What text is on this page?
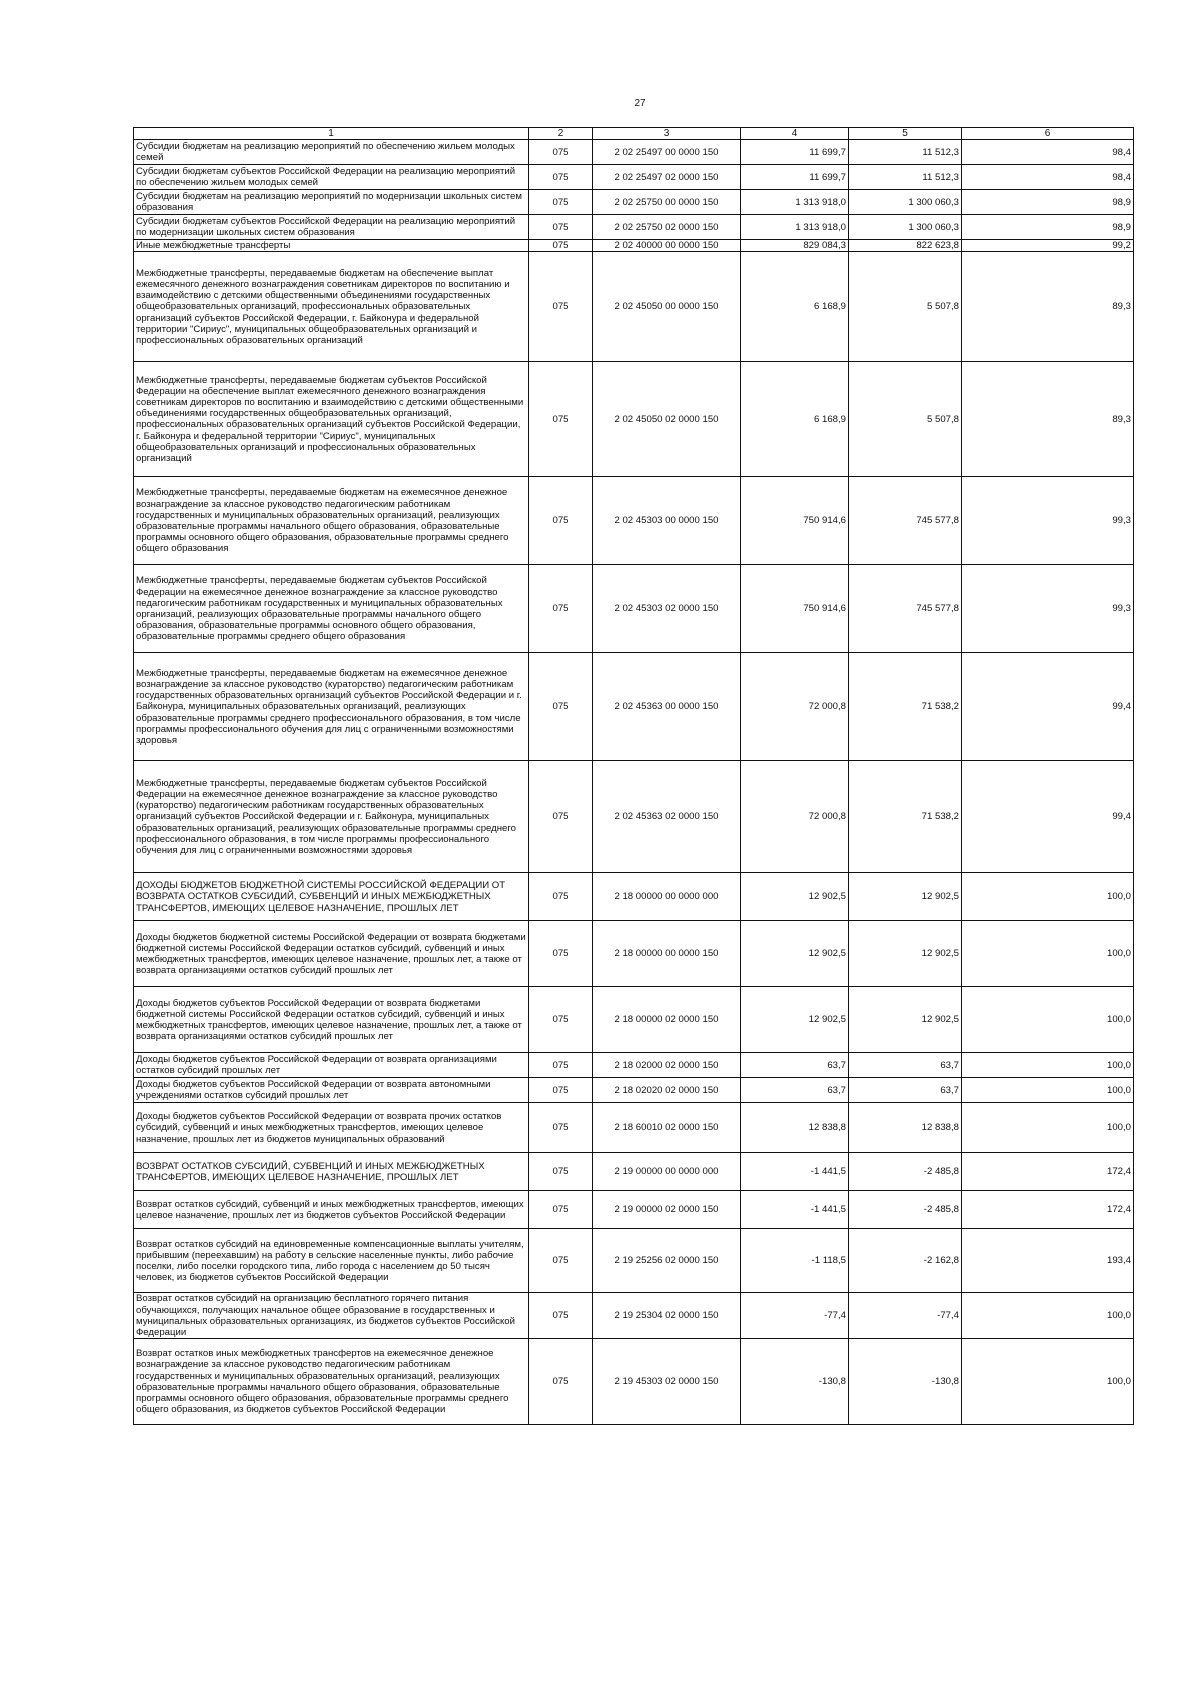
27
1	2	3	4	5	6
Субсидии бюджетам на реализацию мероприятий по обеспечению жильем молодых семей	075	2 02 25497 00 0000 150	11 699,7	11 512,3	98,4
Субсидии бюджетам субъектов Российской Федерации на реализацию мероприятий по обеспечению жильем молодых семей	075	2 02 25497 02 0000 150	11 699,7	11 512,3	98,4
Субсидии бюджетам на реализацию мероприятий по модернизации школьных систем образования	075	2 02 25750 00 0000 150	1 313 918,0	1 300 060,3	98,9
Субсидии бюджетам субъектов Российской Федерации на реализацию мероприятий по модернизации школьных систем образования	075	2 02 25750 02 0000 150	1 313 918,0	1 300 060,3	98,9
Иные межбюджетные трансферты	075	2 02 40000 00 0000 150	829 084,3	822 623,8	99,2
Межбюджетные трансферты, передаваемые бюджетам на обеспечение выплат ежемесячного денежного вознаграждения советникам директоров по воспитанию и взаимодействию с детскими общественными объединениями государственных общеобразовательных организаций, профессиональных образовательных организаций субъектов Российской Федерации, г. Байконура и федеральной территории "Сириус", муниципальных общеобразовательных организаций и профессиональных образовательных организаций	075	2 02 45050 00 0000 150	6 168,9	5 507,8	89,3
Межбюджетные трансферты, передаваемые бюджетам субъектов Российской Федерации на обеспечение выплат ежемесячного денежного вознаграждения советникам директоров по воспитанию и взаимодействию с детскими общественными объединениями государственных общеобразовательных организаций, профессиональных образовательных организаций субъектов Российской Федерации, г. Байконура и федеральной территории "Сириус", муниципальных общеобразовательных организаций и профессиональных образовательных организаций	075	2 02 45050 02 0000 150	6 168,9	5 507,8	89,3
Межбюджетные трансферты, передаваемые бюджетам на ежемесячное денежное вознаграждение за классное руководство педагогическим работникам государственных и муниципальных образовательных организаций, реализующих образовательные программы начального общего образования, образовательные программы основного общего образования, образовательные программы среднего общего образования	075	2 02 45303 00 0000 150	750 914,6	745 577,8	99,3
Межбюджетные трансферты, передаваемые бюджетам субъектов Российской Федерации на ежемесячное денежное вознаграждение за классное руководство педагогическим работникам государственных и муниципальных образовательных организаций, реализующих образовательные программы начального общего образования, образовательные программы основного общего образования, образовательные программы среднего общего образования	075	2 02 45303 02 0000 150	750 914,6	745 577,8	99,3
Межбюджетные трансферты, передаваемые бюджетам на ежемесячное денежное вознаграждение за классное руководство (кураторство) педагогическим работникам государственных образовательных организаций субъектов Российской Федерации и г. Байконура, муниципальных образовательных организаций, реализующих образовательные программы среднего профессионального образования, в том числе программы профессионального обучения для лиц с ограниченными возможностями здоровья	075	2 02 45363 00 0000 150	72 000,8	71 538,2	99,4
Межбюджетные трансферты, передаваемые бюджетам субъектов Российской Федерации на ежемесячное денежное вознаграждение за классное руководство (кураторство) педагогическим работникам государственных образовательных организаций субъектов Российской Федерации и г. Байконура, муниципальных образовательных организаций, реализующих образовательные программы среднего профессионального образования, в том числе программы профессионального обучения для лиц с ограниченными возможностями здоровья	075	2 02 45363 02 0000 150	72 000,8	71 538,2	99,4
ДОХОДЫ БЮДЖЕТОВ БЮДЖЕТНОЙ СИСТЕМЫ РОССИЙСКОЙ ФЕДЕРАЦИИ ОТ ВОЗВРАТА ОСТАТКОВ СУБСИДИЙ, СУБВЕНЦИЙ И ИНЫХ МЕЖБЮДЖЕТНЫХ ТРАНСФЕРТОВ, ИМЕЮЩИХ ЦЕЛЕВОЕ НАЗНАЧЕНИЕ, ПРОШЛЫХ ЛЕТ	075	2 18 00000 00 0000 000	12 902,5	12 902,5	100,0
Доходы бюджетов бюджетной системы Российской Федерации от возврата бюджетами бюджетной системы Российской Федерации остатков субсидий, субвенций и иных межбюджетных трансфертов, имеющих целевое назначение, прошлых лет, а также от возврата организациями остатков субсидий прошлых лет	075	2 18 00000 00 0000 150	12 902,5	12 902,5	100,0
Доходы бюджетов субъектов Российской Федерации от возврата бюджетами бюджетной системы Российской Федерации остатков субсидий, субвенций и иных межбюджетных трансфертов, имеющих целевое назначение, прошлых лет, а также от возврата организациями остатков субсидий прошлых лет	075	2 18 00000 02 0000 150	12 902,5	12 902,5	100,0
Доходы бюджетов субъектов Российской Федерации от возврата организациями остатков субсидий прошлых лет	075	2 18 02000 02 0000 150	63,7	63,7	100,0
Доходы бюджетов субъектов Российской Федерации от возврата автономными учреждениями остатков субсидий прошлых лет	075	2 18 02020 02 0000 150	63,7	63,7	100,0
Доходы бюджетов субъектов Российской Федерации от возврата прочих остатков субсидий, субвенций и иных межбюджетных трансфертов, имеющих целевое назначение, прошлых лет из бюджетов муниципальных образований	075	2 18 60010 02 0000 150	12 838,8	12 838,8	100,0
ВОЗВРАТ ОСТАТКОВ СУБСИДИЙ, СУБВЕНЦИЙ И ИНЫХ МЕЖБЮДЖЕТНЫХ ТРАНСФЕРТОВ, ИМЕЮЩИХ ЦЕЛЕВОЕ НАЗНАЧЕНИЕ, ПРОШЛЫХ ЛЕТ	075	2 19 00000 00 0000 000	-1 441,5	-2 485,8	172,4
Возврат остатков субсидий, субвенций и иных межбюджетных трансфертов, имеющих целевое назначение, прошлых лет из бюджетов субъектов Российской Федерации	075	2 19 00000 02 0000 150	-1 441,5	-2 485,8	172,4
Возврат остатков субсидий на единовременные компенсационные выплаты учителям, прибывшим (переехавшим) на работу в сельские населенные пункты, либо рабочие поселки, либо поселки городского типа, либо города с населением до 50 тысяч человек, из бюджетов субъектов Российской Федерации	075	2 19 25256 02 0000 150	-1 118,5	-2 162,8	193,4
Возврат остатков субсидий на организацию бесплатного горячего питания обучающихся, получающих начальное общее образование в государственных и муниципальных образовательных организациях, из бюджетов субъектов Российской Федерации	075	2 19 25304 02 0000 150	-77,4	-77,4	100,0
Возврат остатков иных межбюджетных трансфертов на ежемесячное денежное вознаграждение за классное руководство педагогическим работникам государственных и муниципальных образовательных организаций, реализующих образовательные программы начального общего образования, образовательные программы основного общего образования, образовательные программы среднего общего образования, из бюджетов субъектов Российской Федерации	075	2 19 45303 02 0000 150	-130,8	-130,8	100,0
